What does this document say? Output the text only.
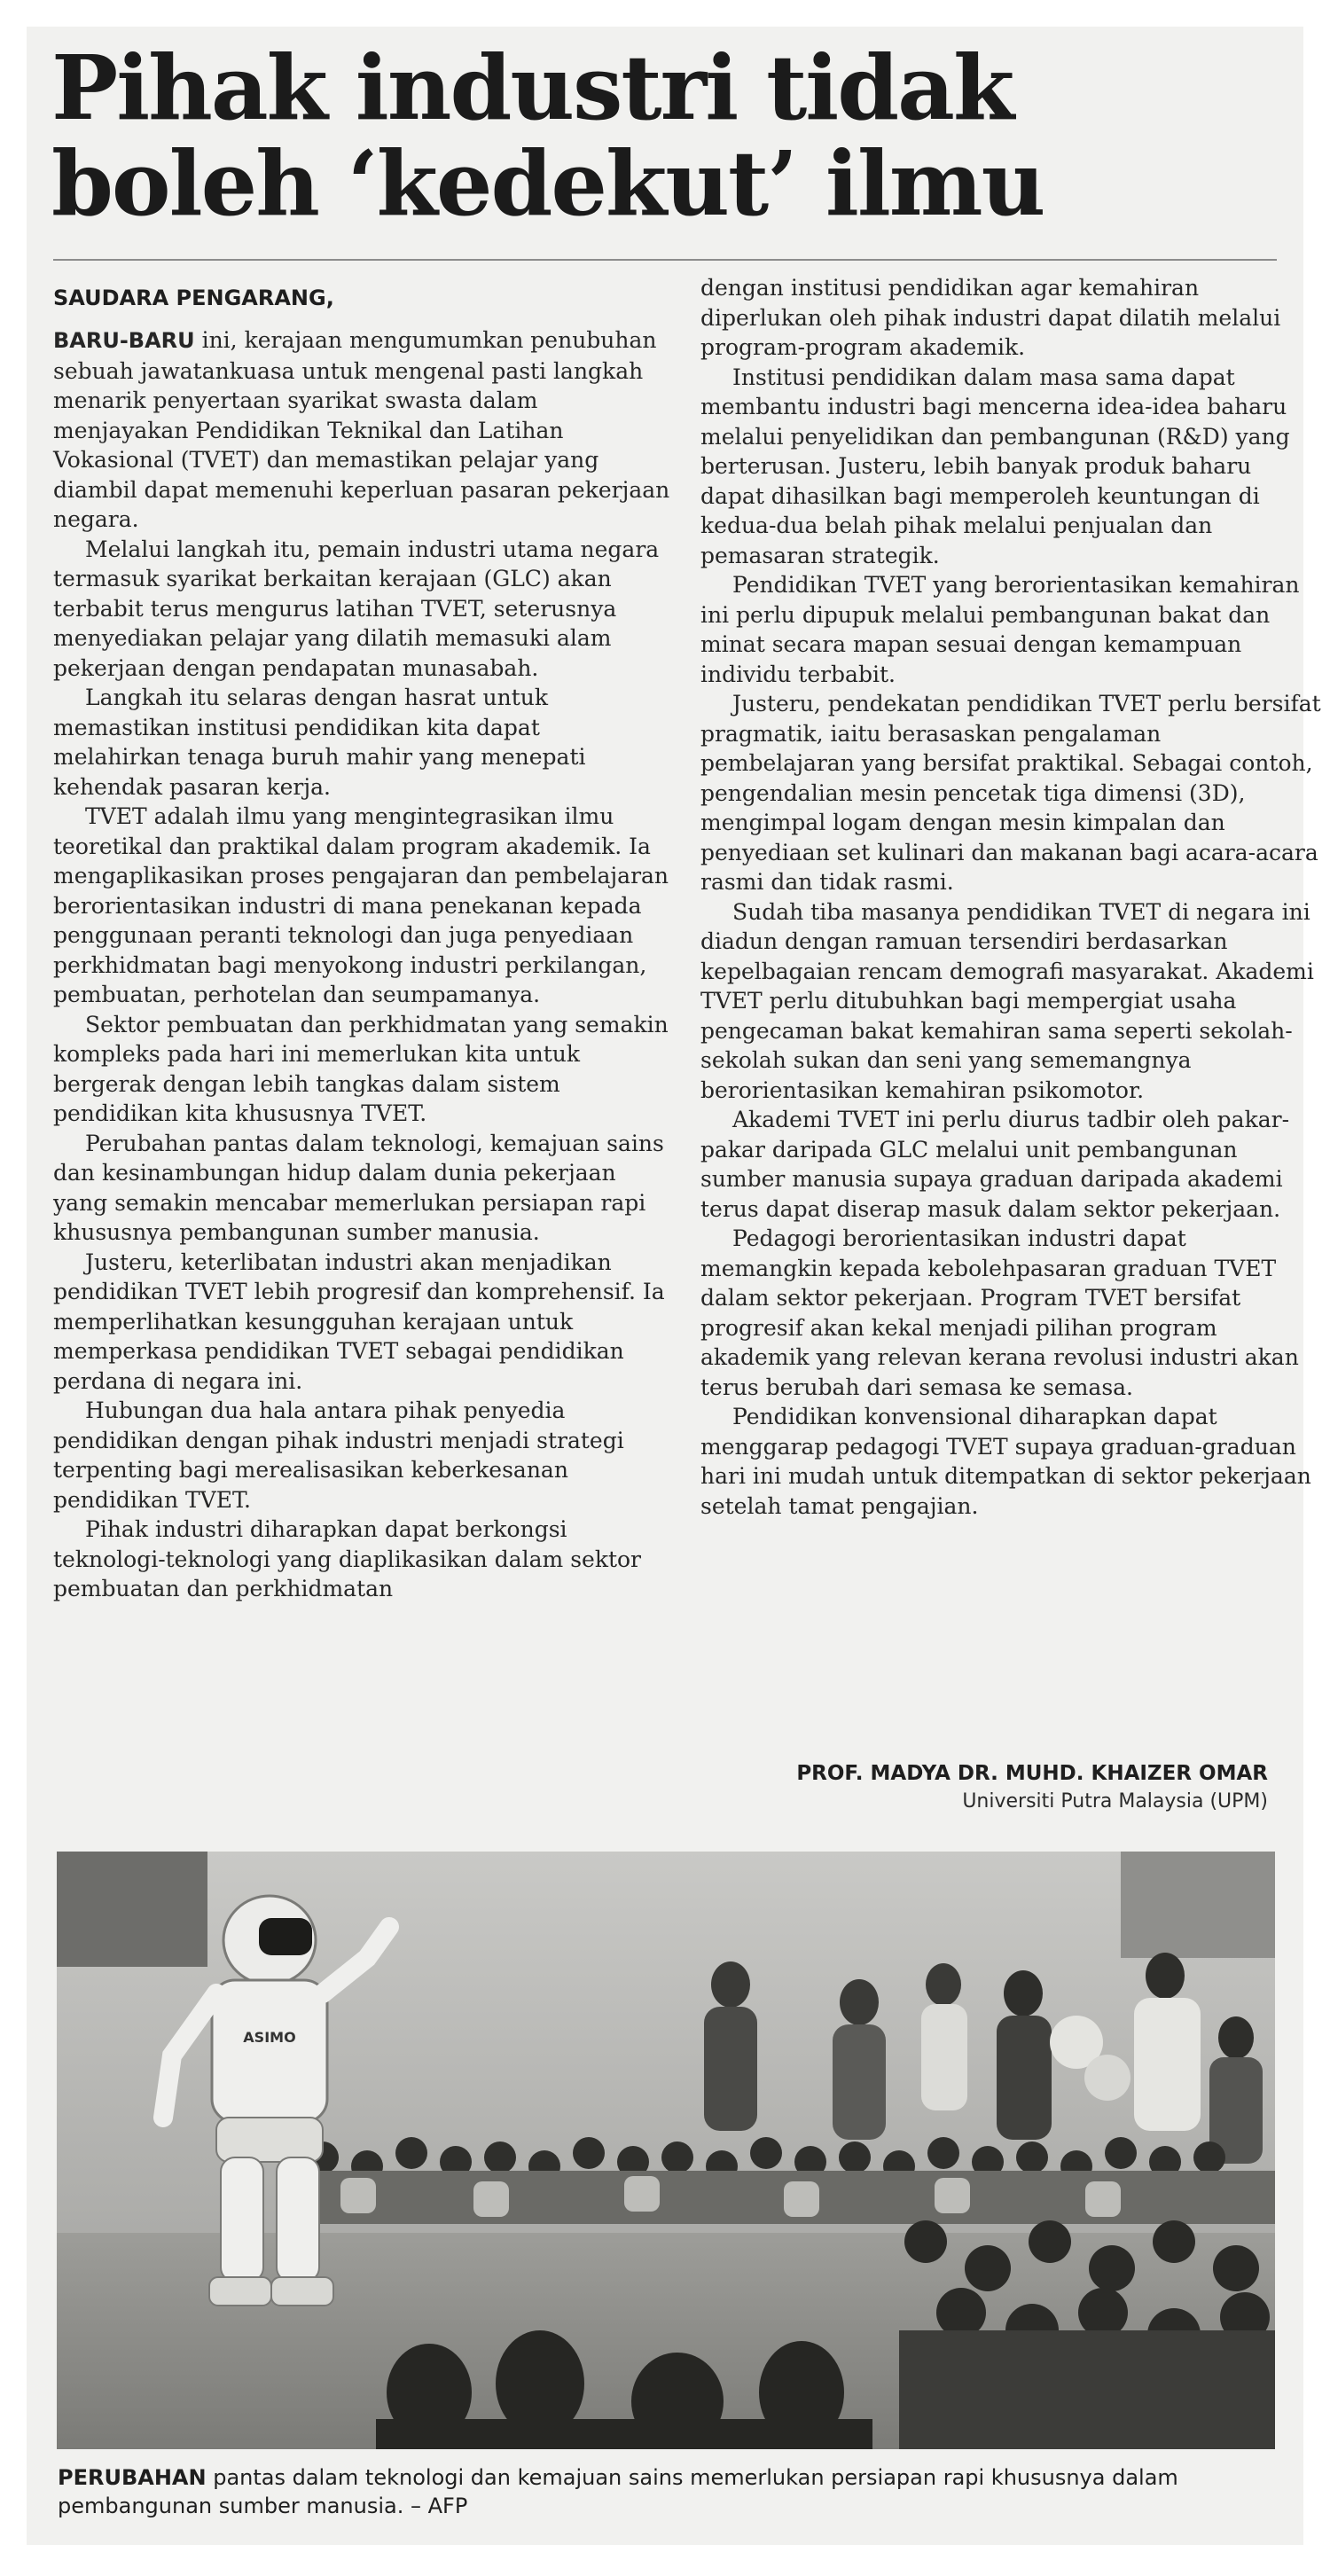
Pihak industri tidak
boleh ‘kedekut’ ilmu
SAUDARA PENGARANG,

BARU-BARU ini, kerajaan mengumumkan penubuhan sebuah jawatankuasa untuk mengenal pasti langkah menarik penyertaan syarikat swasta dalam menjayakan Pendidikan Teknikal dan Latihan Vokasional (TVET) dan memastikan pelajar yang diambil dapat memenuhi keperluan pasaran pekerjaan negara.

Melalui langkah itu, pemain industri utama negara termasuk syarikat berkaitan kerajaan (GLC) akan terbabit terus mengurus latihan TVET, seterusnya menyediakan pelajar yang dilatih memasuki alam pekerjaan dengan pendapatan munasabah.

Langkah itu selaras dengan hasrat untuk memastikan institusi pendidikan kita dapat melahirkan tenaga buruh mahir yang menepati kehendak pasaran kerja.

TVET adalah ilmu yang mengintegrasikan ilmu teoretikal dan praktikal dalam program akademik. Ia mengaplikasikan proses pengajaran dan pembelajaran berorientasikan industri di mana penekanan kepada penggunaan peranti teknologi dan juga penyediaan perkhidmatan bagi menyokong industri perkilangan, pembuatan, perhotelan dan seumpamanya.

Sektor pembuatan dan perkhidmatan yang semakin kompleks pada hari ini memerlukan kita untuk bergerak dengan lebih tangkas dalam sistem pendidikan kita khususnya TVET.

Perubahan pantas dalam teknologi, kemajuan sains dan kesinambungan hidup dalam dunia pekerjaan yang semakin mencabar memerlukan persiapan rapi khususnya pembangunan sumber manusia.

Justeru, keterlibatan industri akan menjadikan pendidikan TVET lebih progresif dan komprehensif. Ia memperlihatkan kesungguhan kerajaan untuk memperkasa pendidikan TVET sebagai pendidikan perdana di negara ini.

Hubungan dua hala antara pihak penyedia pendidikan dengan pihak industri menjadi strategi terpenting bagi merealisasikan keberkesanan pendidikan TVET.

Pihak industri diharapkan dapat berkongsi teknologi-teknologi yang diaplikasikan dalam sektor pembuatan dan perkhidmatan

dengan institusi pendidikan agar kemahiran diperlukan oleh pihak industri dapat dilatih melalui program-program akademik.

Institusi pendidikan dalam masa sama dapat membantu industri bagi mencerna idea-idea baharu melalui penyelidikan dan pembangunan (R&D) yang berterusan. Justeru, lebih banyak produk baharu dapat dihasilkan bagi memperoleh keuntungan di kedua-dua belah pihak melalui penjualan dan pemasaran strategik.

Pendidikan TVET yang berorientasikan kemahiran ini perlu dipupuk melalui pembangunan bakat dan minat secara mapan sesuai dengan kemampuan individu terbabit.

Justeru, pendekatan pendidikan TVET perlu bersifat pragmatik, iaitu berasaskan pengalaman pembelajaran yang bersifat praktikal. Sebagai contoh, pengendalian mesin pencetak tiga dimensi (3D), mengimpal logam dengan mesin kimpalan dan penyediaan set kulinari dan makanan bagi acara-acara rasmi dan tidak rasmi.

Sudah tiba masanya pendidikan TVET di negara ini diadun dengan ramuan tersendiri berdasarkan kepelbagaian rencam demografi masyarakat. Akademi TVET perlu ditubuhkan bagi mempergiat usaha pengecaman bakat kemahiran sama seperti sekolah-sekolah sukan dan seni yang sememangnya berorientasikan kemahiran psikomotor.

Akademi TVET ini perlu diurus tadbir oleh pakar-pakar daripada GLC melalui unit pembangunan sumber manusia supaya graduan daripada akademi terus dapat diserap masuk dalam sektor pekerjaan.

Pedagogi berorientasikan industri dapat memangkin kepada kebolehpasaran graduan TVET dalam sektor pekerjaan. Program TVET bersifat progresif akan kekal menjadi pilihan program akademik yang relevan kerana revolusi industri akan terus berubah dari semasa ke semasa.

Pendidikan konvensional diharapkan dapat menggarap pedagogi TVET supaya graduan-graduan hari ini mudah untuk ditempatkan di sektor pekerjaan setelah tamat pengajian.

PROF. MADYA DR. MUHD. KHAIZER OMAR
Universiti Putra Malaysia (UPM)
ASIMO

PERUBAHAN pantas dalam teknologi dan kemajuan sains memerlukan persiapan rapi khususnya dalam pembangunan sumber manusia. – AFP
